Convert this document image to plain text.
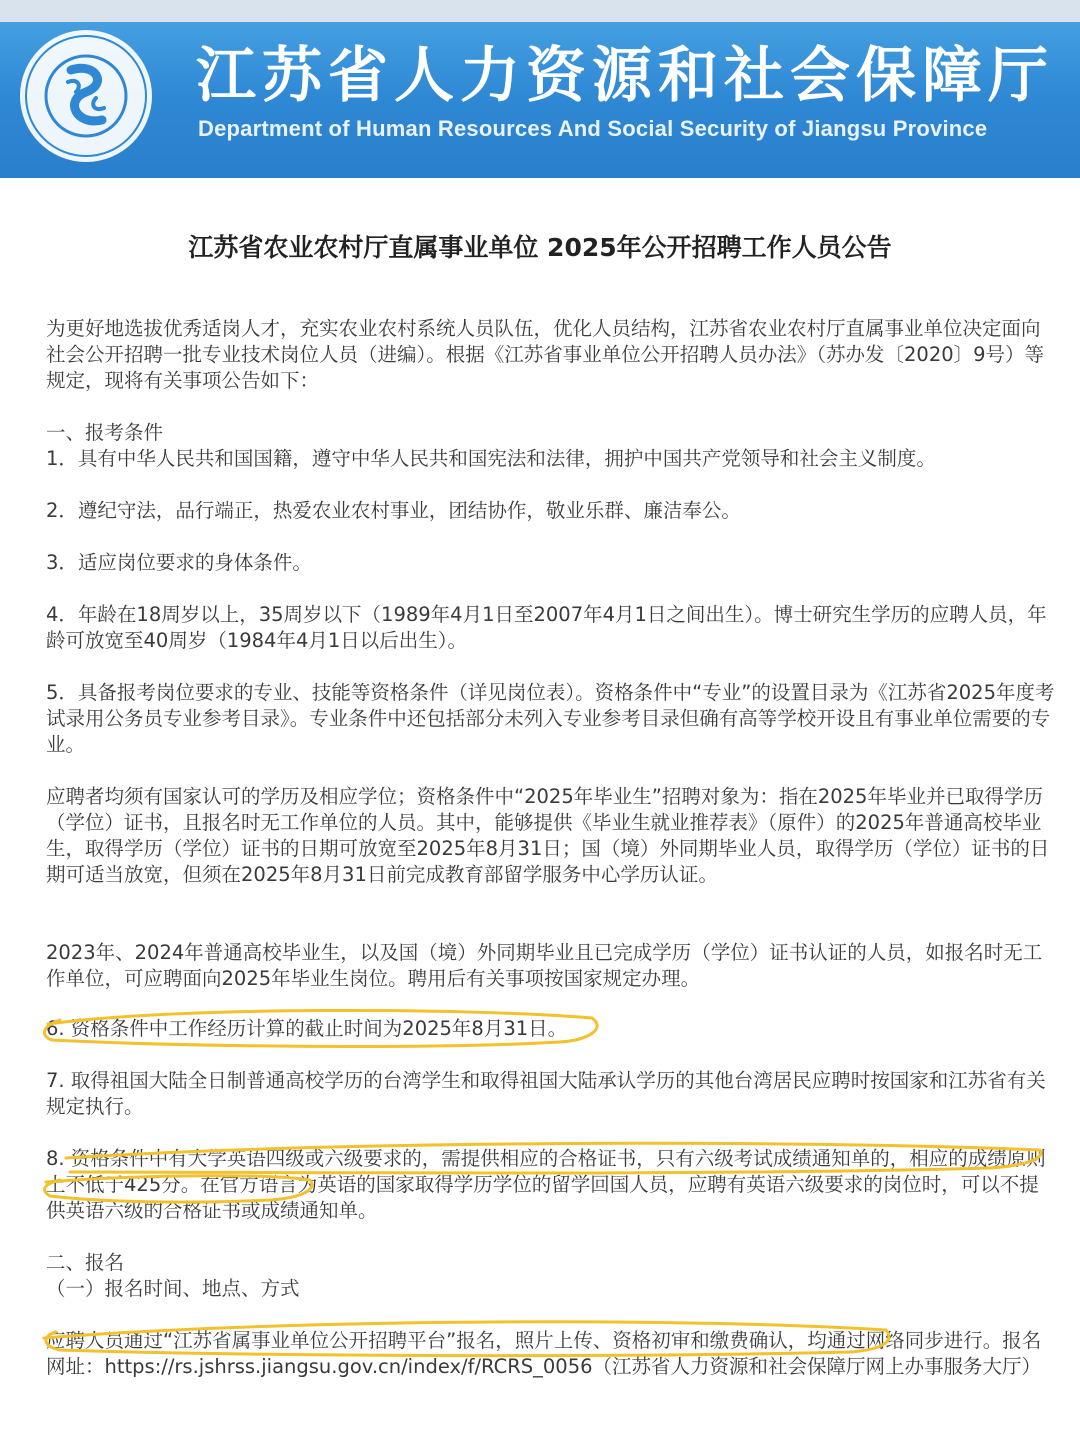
江苏省人力资源和社会保障厅
Department of Human Resources And Social Security of Jiangsu Province
江苏省农业农村厅直属事业单位 2025年公开招聘工作人员公告

为更好地选拔优秀适岗人才，充实农业农村系统人员队伍，优化人员结构，江苏省农业农村厅直属事业单位决定面向社会公开招聘一批专业技术岗位人员（进编）。根据《江苏省事业单位公开招聘人员办法》（苏办发〔2020〕9号）等规定，现将有关事项公告如下：

一、报考条件
1．具有中华人民共和国国籍，遵守中华人民共和国宪法和法律，拥护中国共产党领导和社会主义制度。
2．遵纪守法，品行端正，热爱农业农村事业，团结协作，敬业乐群、廉洁奉公。
3．适应岗位要求的身体条件。
4．年龄在18周岁以上，35周岁以下（1989年4月1日至2007年4月1日之间出生）。博士研究生学历的应聘人员，年龄可放宽至40周岁（1984年4月1日以后出生）。
5．具备报考岗位要求的专业、技能等资格条件（详见岗位表）。资格条件中“专业”的设置目录为《江苏省2025年度考试录用公务员专业参考目录》。专业条件中还包括部分未列入专业参考目录但确有高等学校开设且有事业单位需要的专业。
应聘者均须有国家认可的学历及相应学位；资格条件中“2025年毕业生”招聘对象为：指在2025年毕业并已取得学历（学位）证书，且报名时无工作单位的人员。其中，能够提供《毕业生就业推荐表》（原件）的2025年普通高校毕业生，取得学历（学位）证书的日期可放宽至2025年8月31日；国（境）外同期毕业人员，取得学历（学位）证书的日期可适当放宽，但须在2025年8月31日前完成教育部留学服务中心学历认证。
2023年、2024年普通高校毕业生，以及国（境）外同期毕业且已完成学历（学位）证书认证的人员，如报名时无工作单位，可应聘面向2025年毕业生岗位。聘用后有关事项按国家规定办理。
6. 资格条件中工作经历计算的截止时间为2025年8月31日。
7. 取得祖国大陆全日制普通高校学历的台湾学生和取得祖国大陆承认学历的其他台湾居民应聘时按国家和江苏省有关规定执行。
8. 资格条件中有大学英语四级或六级要求的，需提供相应的合格证书，只有六级考试成绩通知单的，相应的成绩原则上不低于425分。在官方语言为英语的国家取得学历学位的留学回国人员，应聘有英语六级要求的岗位时，可以不提供英语六级的合格证书或成绩通知单。
二、报名
（一）报名时间、地点、方式
应聘人员通过“江苏省属事业单位公开招聘平台”报名，照片上传、资格初审和缴费确认，均通过网络同步进行。报名网址：https://rs.jshrss.jiangsu.gov.cn/index/f/RCRS_0056（江苏省人力资源和社会保障厅网上办事服务大厅）
